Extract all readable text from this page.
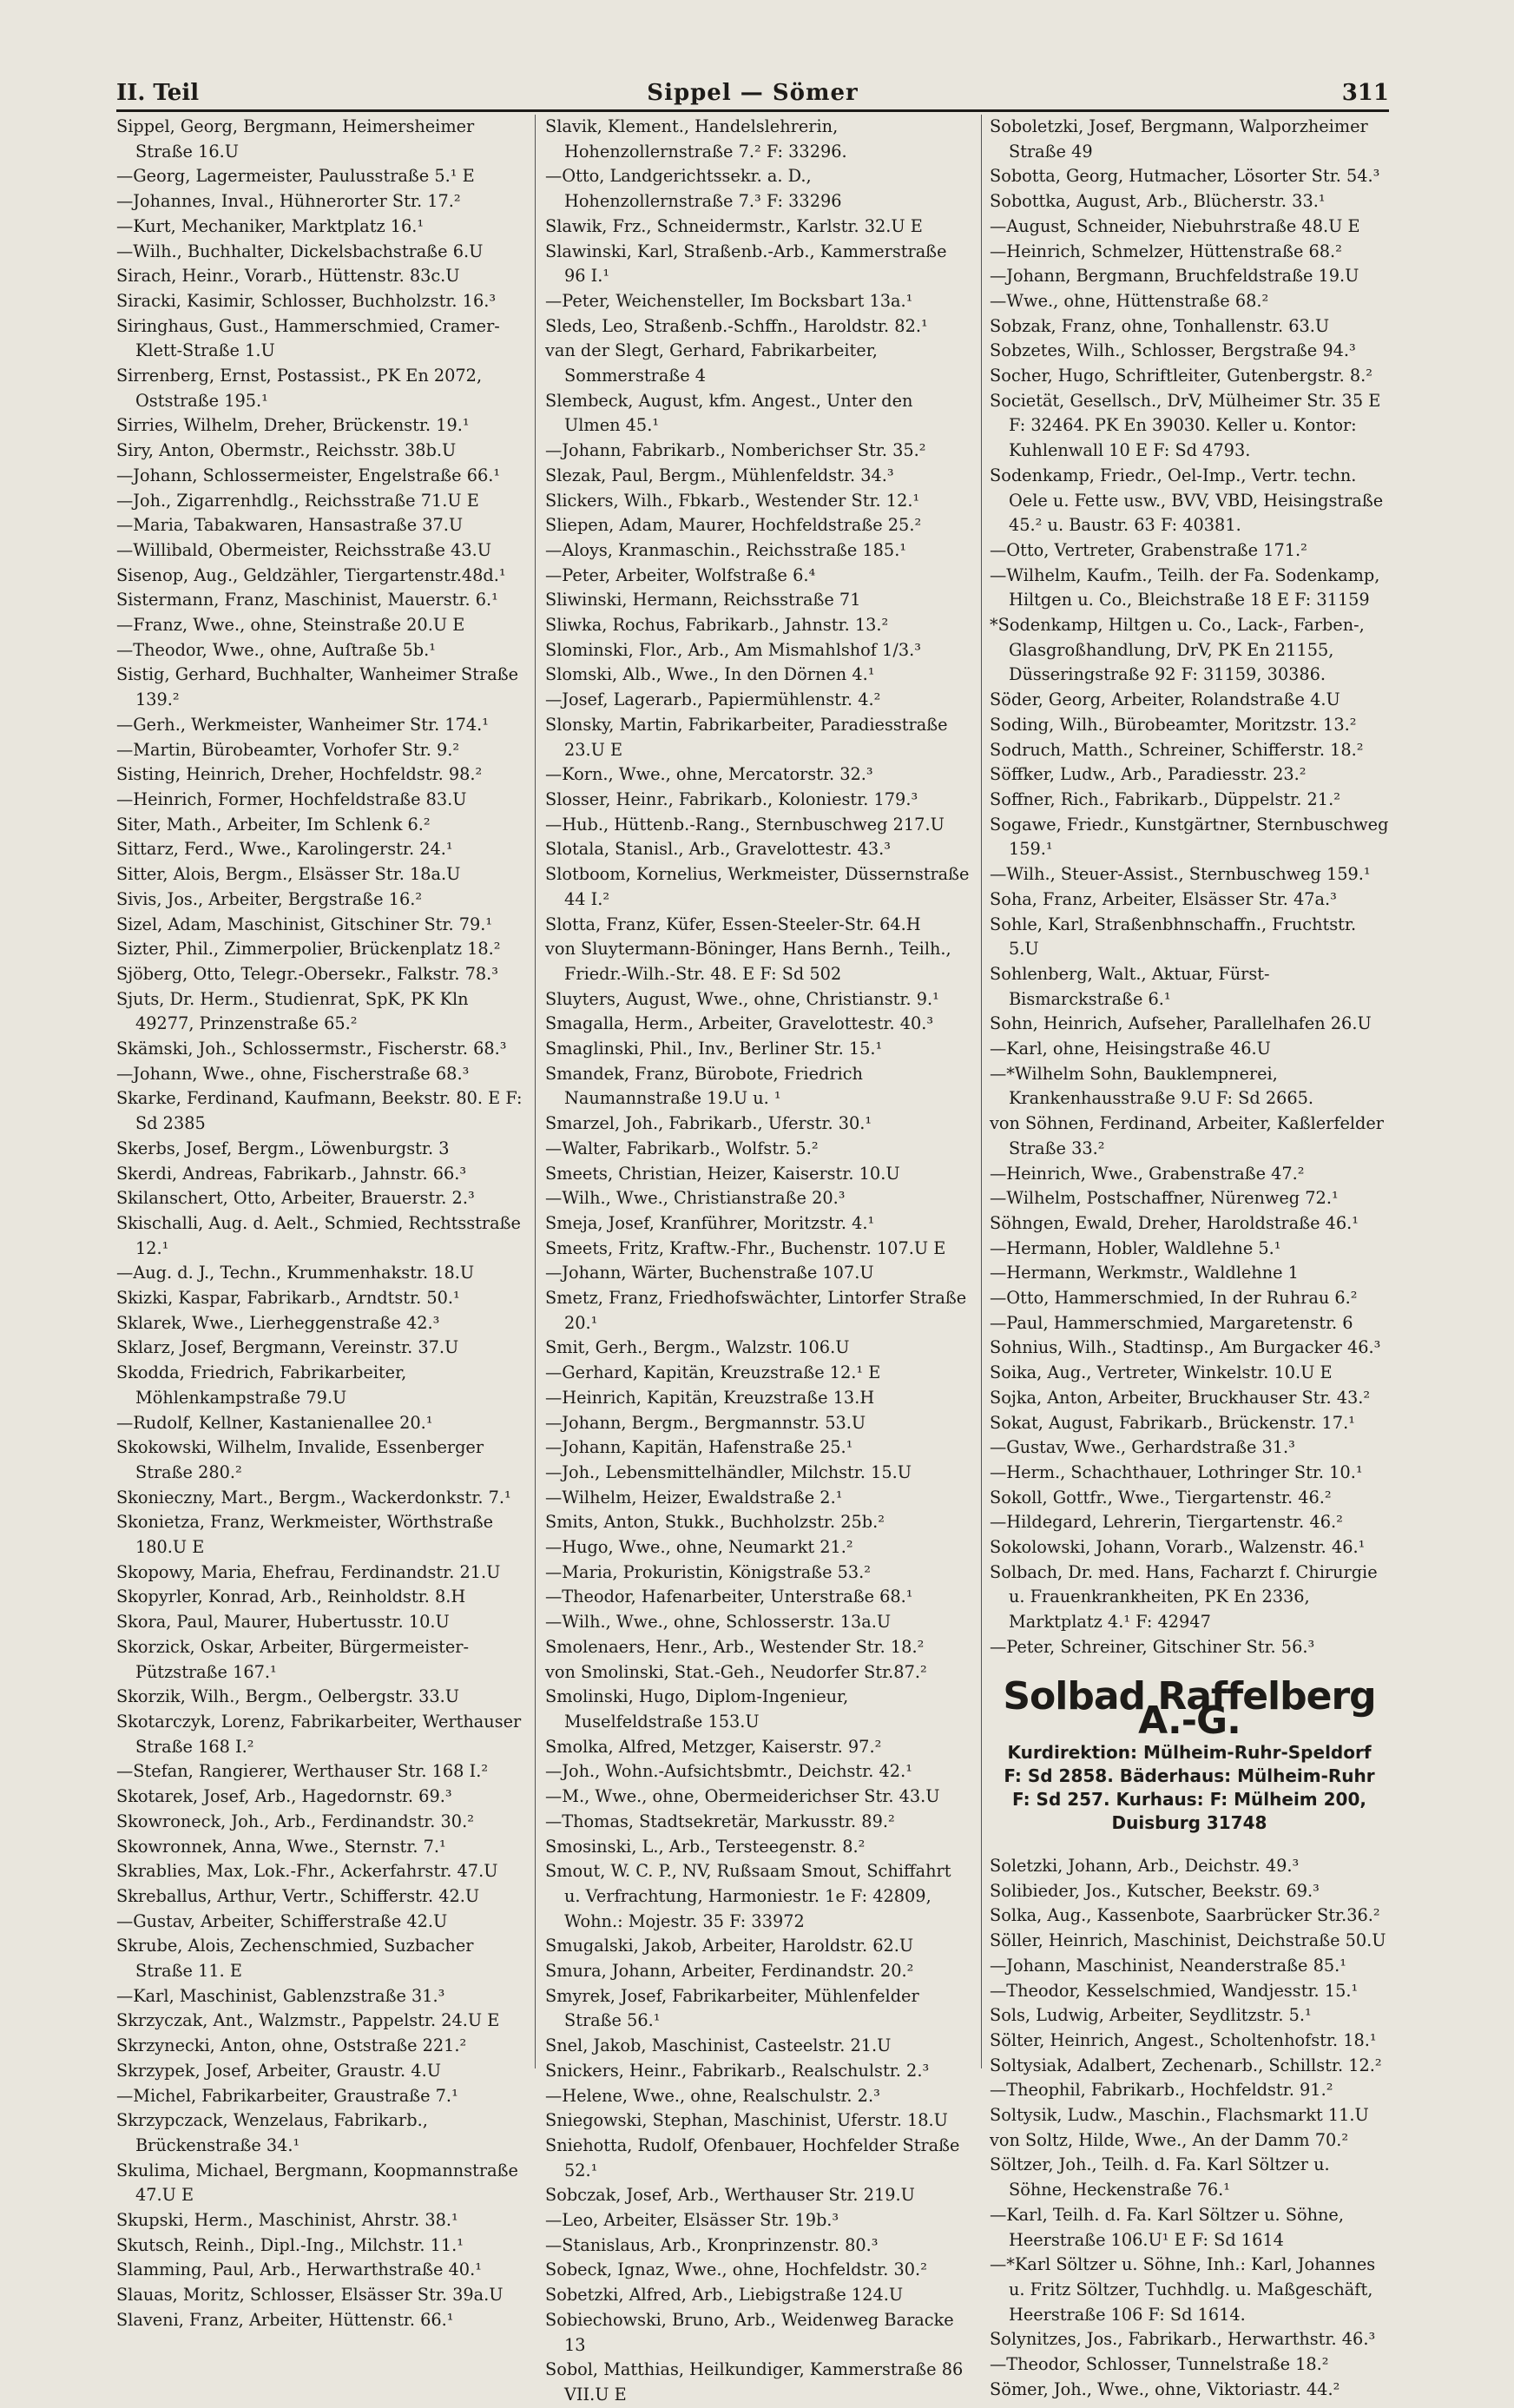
II. Teil	Sippel — Sömer	311

Sippel, Georg, Bergmann, Heimersheimer Straße 16.U

—Georg, Lagermeister, Paulusstraße 5.¹ E

—Johannes, Inval., Hühnerorter Str. 17.²

—Kurt, Mechaniker, Marktplatz 16.¹

—Wilh., Buchhalter, Dickelsbachstraße 6.U

Sirach, Heinr., Vorarb., Hüttenstr. 83c.U

Siracki, Kasimir, Schlosser, Buchholzstr. 16.³

Siringhaus, Gust., Hammerschmied, Cramer-Klett-Straße 1.U

Sirrenberg, Ernst, Postassist., PK En 2072, Oststraße 195.¹

Sirries, Wilhelm, Dreher, Brückenstr. 19.¹

Siry, Anton, Obermstr., Reichsstr. 38b.U

—Johann, Schlossermeister, Engelstraße 66.¹

—Joh., Zigarrenhdlg., Reichsstraße 71.U E

—Maria, Tabakwaren, Hansastraße 37.U

—Willibald, Obermeister, Reichsstraße 43.U

Sisenop, Aug., Geldzähler, Tiergartenstr.48d.¹

Sistermann, Franz, Maschinist, Mauerstr. 6.¹

—Franz, Wwe., ohne, Steinstraße 20.U E

—Theodor, Wwe., ohne, Auſtraße 5b.¹

Sistig, Gerhard, Buchhalter, Wanheimer Straße 139.²

—Gerh., Werkmeister, Wanheimer Str. 174.¹

—Martin, Bürobeamter, Vorhofer Str. 9.²

Sisting, Heinrich, Dreher, Hochfeldstr. 98.²

—Heinrich, Former, Hochfeldstraße 83.U

Siter, Math., Arbeiter, Im Schlenk 6.²

Sittarz, Ferd., Wwe., Karolingerstr. 24.¹

Sitter, Alois, Bergm., Elsässer Str. 18a.U

Sivis, Jos., Arbeiter, Bergstraße 16.²

Sizel, Adam, Maschinist, Gitschiner Str. 79.¹

Sizter, Phil., Zimmerpolier, Brückenplatz 18.²

Sjöberg, Otto, Telegr.-Obersekr., Falkstr. 78.³

Sjuts, Dr. Herm., Studienrat, SpK, PK Kln 49277, Prinzenstraße 65.²

Skämski, Joh., Schlossermstr., Fischerstr. 68.³

—Johann, Wwe., ohne, Fischerstraße 68.³

Skarke, Ferdinand, Kaufmann, Beekstr. 80. E F: Sd 2385

Skerbs, Josef, Bergm., Löwenburgstr. 3

Skerdi, Andreas, Fabrikarb., Jahnstr. 66.³

Skilanschert, Otto, Arbeiter, Brauerstr. 2.³

Skischalli, Aug. d. Aelt., Schmied, Rechtsstraße 12.¹

—Aug. d. J., Techn., Krummenhakstr. 18.U

Skizki, Kaspar, Fabrikarb., Arndtstr. 50.¹

Sklarek, Wwe., Lierheggenstraße 42.³

Sklarz, Josef, Bergmann, Vereinstr. 37.U

Skodda, Friedrich, Fabrikarbeiter, Möhlenkampstraße 79.U

—Rudolf, Kellner, Kastanienallee 20.¹

Skokowski, Wilhelm, Invalide, Essenberger Straße 280.²

Skonieczny, Mart., Bergm., Wackerdonkstr. 7.¹

Skonietza, Franz, Werkmeister, Wörthstraße 180.U E

Skopowy, Maria, Ehefrau, Ferdinandstr. 21.U

Skopyrler, Konrad, Arb., Reinholdstr. 8.H

Skora, Paul, Maurer, Hubertusstr. 10.U

Skorzick, Oskar, Arbeiter, Bürgermeister-Pützstraße 167.¹

Skorzik, Wilh., Bergm., Oelbergstr. 33.U

Skotarczyk, Lorenz, Fabrikarbeiter, Werthauser Straße 168 I.²

—Stefan, Rangierer, Werthauser Str. 168 I.²

Skotarek, Josef, Arb., Hagedornstr. 69.³

Skowroneck, Joh., Arb., Ferdinandstr. 30.²

Skowronnek, Anna, Wwe., Sternstr. 7.¹

Skrablies, Max, Lok.-Fhr., Ackerfahrstr. 47.U

Skreballus, Arthur, Vertr., Schifferstr. 42.U

—Gustav, Arbeiter, Schifferstraße 42.U

Skrube, Alois, Zechenschmied, Suzbacher Straße 11. E

—Karl, Maschinist, Gablenzstraße 31.³

Skrzyczak, Ant., Walzmstr., Pappelstr. 24.U E

Skrzynecki, Anton, ohne, Oststraße 221.²

Skrzypek, Josef, Arbeiter, Graustr. 4.U

—Michel, Fabrikarbeiter, Graustraße 7.¹

Skrzypczack, Wenzelaus, Fabrikarb., Brückenstraße 34.¹

Skulima, Michael, Bergmann, Koopmannstraße 47.U E

Skupski, Herm., Maschinist, Ahrstr. 38.¹

Skutsch, Reinh., Dipl.-Ing., Milchstr. 11.¹

Slamming, Paul, Arb., Herwarthstraße 40.¹

Slauas, Moritz, Schlosser, Elsässer Str. 39a.U

Slaveni, Franz, Arbeiter, Hüttenstr. 66.¹

Slavik, Klement., Handelslehrerin, Hohenzollernstraße 7.² F: 33296.

—Otto, Landgerichtssekr. a. D., Hohenzollernstraße 7.³ F: 33296

Slawik, Frz., Schneidermstr., Karlstr. 32.U E

Slawinski, Karl, Straßenb.-Arb., Kammerstraße 96 I.¹

—Peter, Weichensteller, Im Bocksbart 13a.¹

Sleds, Leo, Straßenb.-Schffn., Haroldstr. 82.¹

van der Slegt, Gerhard, Fabrikarbeiter, Sommerstraße 4

Slembeck, August, kfm. Angest., Unter den Ulmen 45.¹

—Johann, Fabrikarb., Nomberichser Str. 35.²

Slezak, Paul, Bergm., Mühlenfeldstr. 34.³

Slickers, Wilh., Fbkarb., Westender Str. 12.¹

Sliepen, Adam, Maurer, Hochfeldstraße 25.²

—Aloys, Kranmaschin., Reichsstraße 185.¹

—Peter, Arbeiter, Wolfstraße 6.⁴

Sliwinski, Hermann, Reichsstraße 71

Sliwka, Rochus, Fabrikarb., Jahnstr. 13.²

Slominski, Flor., Arb., Am Mismahlshof 1/3.³

Slomski, Alb., Wwe., In den Dörnen 4.¹

—Josef, Lagerarb., Papiermühlenstr. 4.²

Slonsky, Martin, Fabrikarbeiter, Paradiesstraße 23.U E

—Korn., Wwe., ohne, Mercatorstr. 32.³

Slosser, Heinr., Fabrikarb., Koloniestr. 179.³

—Hub., Hüttenb.-Rang., Sternbuschweg 217.U

Slotala, Stanisl., Arb., Gravelottestr. 43.³

Slotboom, Kornelius, Werkmeister, Düssernstraße 44 I.²

Slotta, Franz, Küfer, Essen-Steeler-Str. 64.H

von Sluytermann-Böninger, Hans Bernh., Teilh., Friedr.-Wilh.-Str. 48. E F: Sd 502

Sluyters, August, Wwe., ohne, Christianstr. 9.¹

Smagalla, Herm., Arbeiter, Gravelottestr. 40.³

Smaglinski, Phil., Inv., Berliner Str. 15.¹

Smandek, Franz, Bürobote, Friedrich Naumannstraße 19.U u. ¹

Smarzel, Joh., Fabrikarb., Uferstr. 30.¹

—Walter, Fabrikarb., Wolfstr. 5.²

Smeets, Christian, Heizer, Kaiserstr. 10.U

—Wilh., Wwe., Christianstraße 20.³

Smeja, Josef, Kranführer, Moritzstr. 4.¹

Smeets, Fritz, Kraftw.-Fhr., Buchenstr. 107.U E

—Johann, Wärter, Buchenstraße 107.U

Smetz, Franz, Friedhofswächter, Lintorfer Straße 20.¹

Smit, Gerh., Bergm., Walzstr. 106.U

—Gerhard, Kapitän, Kreuzstraße 12.¹ E

—Heinrich, Kapitän, Kreuzstraße 13.H

—Johann, Bergm., Bergmannstr. 53.U

—Johann, Kapitän, Hafenstraße 25.¹

—Joh., Lebensmittelhändler, Milchstr. 15.U

—Wilhelm, Heizer, Ewaldstraße 2.¹

Smits, Anton, Stukk., Buchholzstr. 25b.²

—Hugo, Wwe., ohne, Neumarkt 21.²

—Maria, Prokuristin, Königstraße 53.²

—Theodor, Hafenarbeiter, Unterstraße 68.¹

—Wilh., Wwe., ohne, Schlosserstr. 13a.U

Smolenaers, Henr., Arb., Westender Str. 18.²

von Smolinski, Stat.-Geh., Neudorfer Str.87.²

Smolinski, Hugo, Diplom-Ingenieur, Muselfeldstraße 153.U

Smolka, Alfred, Metzger, Kaiserstr. 97.²

—Joh., Wohn.-Aufsichtsbmtr., Deichstr. 42.¹

—M., Wwe., ohne, Obermeiderichser Str. 43.U

—Thomas, Stadtsekretär, Markusstr. 89.²

Smosinski, L., Arb., Tersteegenstr. 8.²

Smout, W. C. P., NV, Rußsaam Smout, Schiffahrt u. Verfrachtung, Harmoniestr. 1e F: 42809, Wohn.: Mojestr. 35 F: 33972

Smugalski, Jakob, Arbeiter, Haroldstr. 62.U

Smura, Johann, Arbeiter, Ferdinandstr. 20.²

Smyrek, Josef, Fabrikarbeiter, Mühlenfelder Straße 56.¹

Snel, Jakob, Maschinist, Casteelstr. 21.U

Snickers, Heinr., Fabrikarb., Realschulstr. 2.³

—Helene, Wwe., ohne, Realschulstr. 2.³

Sniegowski, Stephan, Maschinist, Uferstr. 18.U

Sniehotta, Rudolf, Ofenbauer, Hochfelder Straße 52.¹

Sobczak, Josef, Arb., Werthauser Str. 219.U

—Leo, Arbeiter, Elsässer Str. 19b.³

—Stanislaus, Arb., Kronprinzenstr. 80.³

Sobeck, Ignaz, Wwe., ohne, Hochfeldstr. 30.²

Sobetzki, Alfred, Arb., Liebigstraße 124.U

Sobiechowski, Bruno, Arb., Weidenweg Baracke 13

Sobol, Matthias, Heilkundiger, Kammerstraße 86 VII.U E

Soboletzki, Josef, Bergmann, Walporzheimer Straße 49

Sobotta, Georg, Hutmacher, Lösorter Str. 54.³

Sobottka, August, Arb., Blücherstr. 33.¹

—August, Schneider, Niebuhrstraße 48.U E

—Heinrich, Schmelzer, Hüttenstraße 68.²

—Johann, Bergmann, Bruchfeldstraße 19.U

—Wwe., ohne, Hüttenstraße 68.²

Sobzak, Franz, ohne, Tonhallenstr. 63.U

Sobzetes, Wilh., Schlosser, Bergstraße 94.³

Socher, Hugo, Schriftleiter, Gutenbergstr. 8.²

Societät, Gesellsch., DrV, Mülheimer Str. 35 E F: 32464. PK En 39030. Keller u. Kontor: Kuhlenwall 10 E F: Sd 4793.

Sodenkamp, Friedr., Oel-Imp., Vertr. techn. Oele u. Fette usw., BVV, VBD, Heisingstraße 45.² u. Baustr. 63 F: 40381.

—Otto, Vertreter, Grabenstraße 171.²

—Wilhelm, Kaufm., Teilh. der Fa. Sodenkamp, Hiltgen u. Co., Bleichstraße 18 E F: 31159

*Sodenkamp, Hiltgen u. Co., Lack-, Farben-, Glasgroßhandlung, DrV, PK En 21155, Düsseringstraße 92 F: 31159, 30386.

Söder, Georg, Arbeiter, Rolandstraße 4.U

Soding, Wilh., Bürobeamter, Moritzstr. 13.²

Sodruch, Matth., Schreiner, Schifferstr. 18.²

Söffker, Ludw., Arb., Paradiesstr. 23.²

Soffner, Rich., Fabrikarb., Düppelstr. 21.²

Sogawe, Friedr., Kunstgärtner, Sternbuschweg 159.¹

—Wilh., Steuer-Assist., Sternbuschweg 159.¹

Soha, Franz, Arbeiter, Elsässer Str. 47a.³

Sohle, Karl, Straßenbhnschaffn., Fruchtstr. 5.U

Sohlenberg, Walt., Aktuar, Fürst-Bismarckstraße 6.¹

Sohn, Heinrich, Aufseher, Parallelhafen 26.U

—Karl, ohne, Heisingstraße 46.U

—*Wilhelm Sohn, Bauklempnerei, Krankenhausstraße 9.U F: Sd 2665.

von Söhnen, Ferdinand, Arbeiter, Kaßlerfelder Straße 33.²

—Heinrich, Wwe., Grabenstraße 47.²

—Wilhelm, Postschaffner, Nürenweg 72.¹

Söhngen, Ewald, Dreher, Haroldstraße 46.¹

—Hermann, Hobler, Waldlehne 5.¹

—Hermann, Werkmstr., Waldlehne 1

—Otto, Hammerschmied, In der Ruhrau 6.²

—Paul, Hammerschmied, Margaretenstr. 6

Sohnius, Wilh., Stadtinsp., Am Burgacker 46.³

Soika, Aug., Vertreter, Winkelstr. 10.U E

Sojka, Anton, Arbeiter, Bruckhauser Str. 43.²

Sokat, August, Fabrikarb., Brückenstr. 17.¹

—Gustav, Wwe., Gerhardstraße 31.³

—Herm., Schachthauer, Lothringer Str. 10.¹

Sokoll, Gottfr., Wwe., Tiergartenstr. 46.²

—Hildegard, Lehrerin, Tiergartenstr. 46.²

Sokolowski, Johann, Vorarb., Walzenstr. 46.¹

Solbach, Dr. med. Hans, Facharzt f. Chirurgie u. Frauenkrankheiten, PK En 2336, Marktplatz 4.¹ F: 42947

—Peter, Schreiner, Gitschiner Str. 56.³

Solbad Raffelberg A.-G.
Kurdirektion: Mülheim-Ruhr-Speldorf
F: Sd 2858. Bäderhaus: Mülheim-Ruhr
F: Sd 257. Kurhaus: F: Mülheim 200,
Duisburg 31748

Soletzki, Johann, Arb., Deichstr. 49.³

Solibieder, Jos., Kutscher, Beekstr. 69.³

Solka, Aug., Kassenbote, Saarbrücker Str.36.²

Söller, Heinrich, Maschinist, Deichstraße 50.U

—Johann, Maschinist, Neanderstraße 85.¹

—Theodor, Kesselschmied, Wandjesstr. 15.¹

Sols, Ludwig, Arbeiter, Seydlitzstr. 5.¹

Sölter, Heinrich, Angest., Scholtenhofstr. 18.¹

Soltysiak, Adalbert, Zechenarb., Schillstr. 12.²

—Theophil, Fabrikarb., Hochfeldstr. 91.²

Soltysik, Ludw., Maschin., Flachsmarkt 11.U

von Soltz, Hilde, Wwe., An der Damm 70.²

Söltzer, Joh., Teilh. d. Fa. Karl Söltzer u. Söhne, Heckenstraße 76.¹

—Karl, Teilh. d. Fa. Karl Söltzer u. Söhne, Heerstraße 106.U¹ E F: Sd 1614

—*Karl Söltzer u. Söhne, Inh.: Karl, Johannes u. Fritz Söltzer, Tuchhdlg. u. Maßgeschäft, Heerstraße 106 F: Sd 1614.

Solynitzes, Jos., Fabrikarb., Herwarthstr. 46.³

—Theodor, Schlosser, Tunnelstraße 18.²

Sömer, Joh., Wwe., ohne, Viktoriastr. 44.²
